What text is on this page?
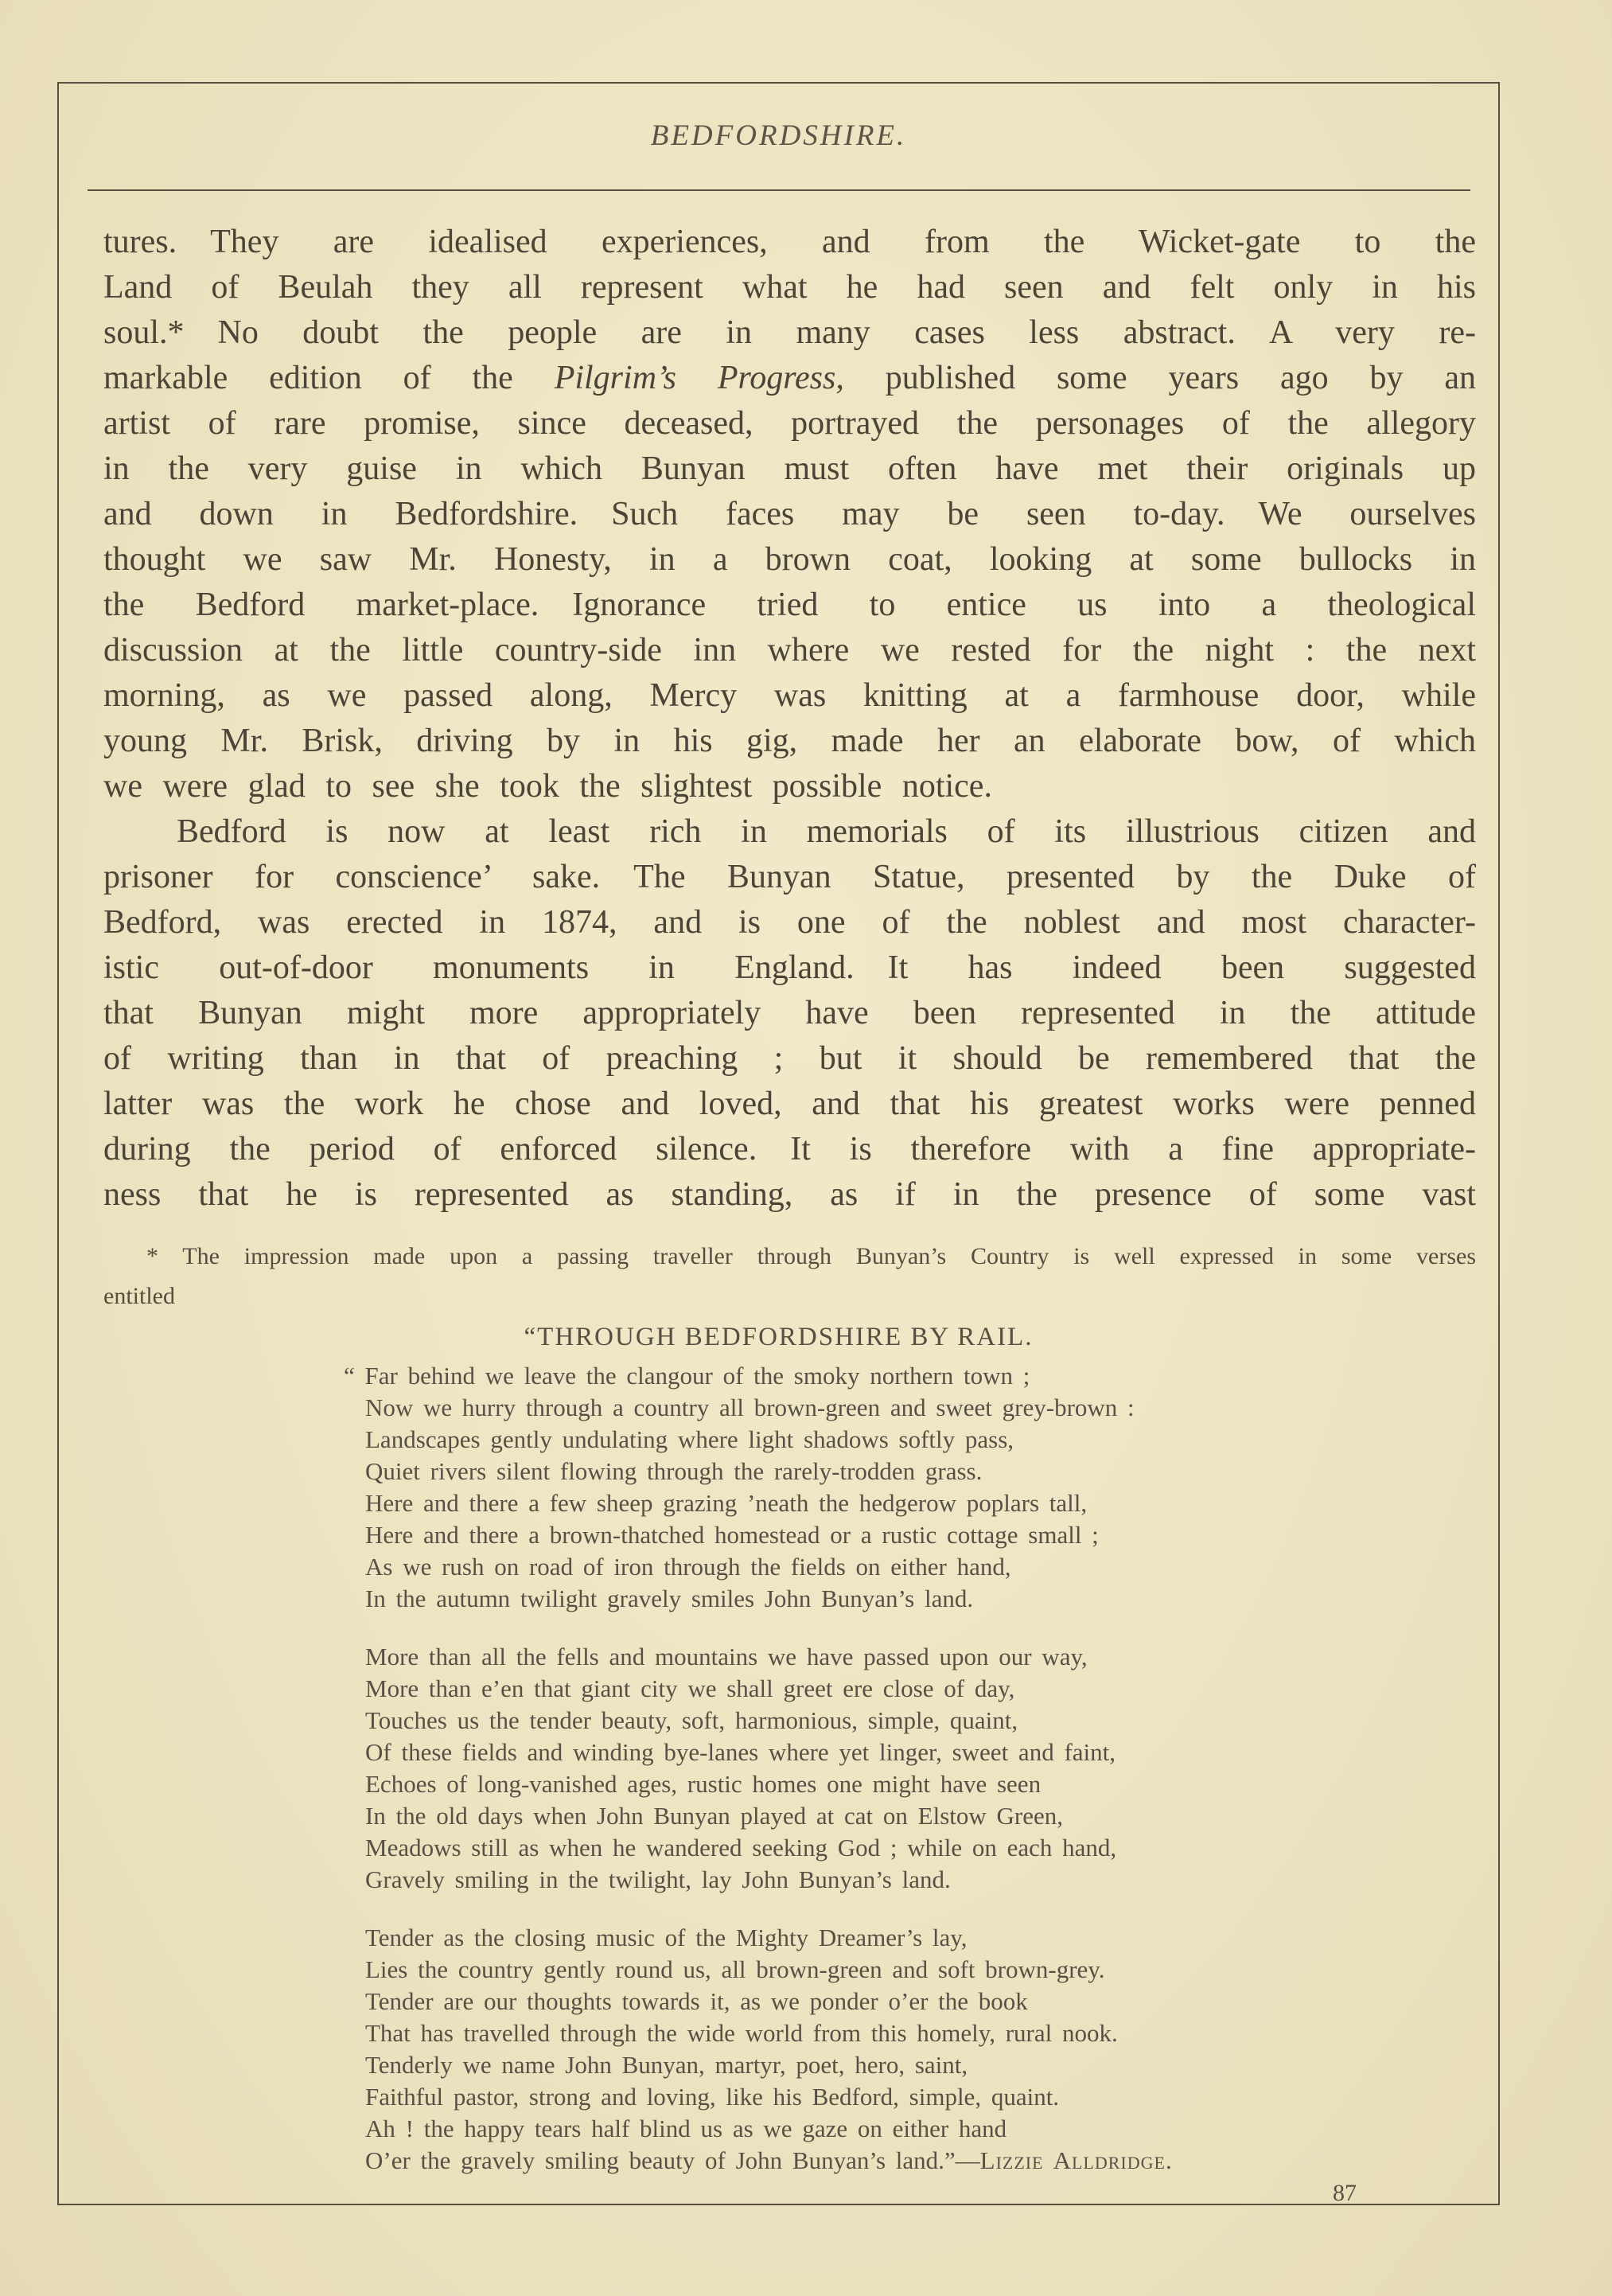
BEDFORDSHIRE.
tures. They are idealised experiences, and from the Wicket-gate to the
Land of Beulah they all represent what he had seen and felt only in his
soul.* No doubt the people are in many cases less abstract. A very re-
markable edition of the Pilgrim’s Progress, published some years ago by an
artist of rare promise, since deceased, portrayed the personages of the allegory
in the very guise in which Bunyan must often have met their originals up
and down in Bedfordshire. Such faces may be seen to-day. We ourselves
thought we saw Mr. Honesty, in a brown coat, looking at some bullocks in
the Bedford market-place. Ignorance tried to entice us into a theological
discussion at the little country-side inn where we rested for the night : the next
morning, as we passed along, Mercy was knitting at a farmhouse door, while
young Mr. Brisk, driving by in his gig, made her an elaborate bow, of which
we were glad to see she took the slightest possible notice.
Bedford is now at least rich in memorials of its illustrious citizen and
prisoner for conscience’ sake. The Bunyan Statue, presented by the Duke of
Bedford, was erected in 1874, and is one of the noblest and most character-
istic out-of-door monuments in England. It has indeed been suggested
that Bunyan might more appropriately have been represented in the attitude
of writing than in that of preaching ; but it should be remembered that the
latter was the work he chose and loved, and that his greatest works were penned
during the period of enforced silence. It is therefore with a fine appropriate-
ness that he is represented as standing, as if in the presence of some vast
* The impression made upon a passing traveller through Bunyan’s Country is well expressed in some verses
entitled
“THROUGH BEDFORDSHIRE BY RAIL.
“ Far behind we leave the clangour of the smoky northern town ;
Now we hurry through a country all brown-green and sweet grey-brown :
Landscapes gently undulating where light shadows softly pass,
Quiet rivers silent flowing through the rarely-trodden grass.
Here and there a few sheep grazing ’neath the hedgerow poplars tall,
Here and there a brown-thatched homestead or a rustic cottage small ;
As we rush on road of iron through the fields on either hand,
In the autumn twilight gravely smiles John Bunyan’s land.
More than all the fells and mountains we have passed upon our way,
More than e’en that giant city we shall greet ere close of day,
Touches us the tender beauty, soft, harmonious, simple, quaint,
Of these fields and winding bye-lanes where yet linger, sweet and faint,
Echoes of long-vanished ages, rustic homes one might have seen
In the old days when John Bunyan played at cat on Elstow Green,
Meadows still as when he wandered seeking God ; while on each hand,
Gravely smiling in the twilight, lay John Bunyan’s land.
Tender as the closing music of the Mighty Dreamer’s lay,
Lies the country gently round us, all brown-green and soft brown-grey.
Tender are our thoughts towards it, as we ponder o’er the book
That has travelled through the wide world from this homely, rural nook.
Tenderly we name John Bunyan, martyr, poet, hero, saint,
Faithful pastor, strong and loving, like his Bedford, simple, quaint.
Ah ! the happy tears half blind us as we gaze on either hand
O’er the gravely smiling beauty of John Bunyan’s land.”—Lizzie Alldridge.
87
